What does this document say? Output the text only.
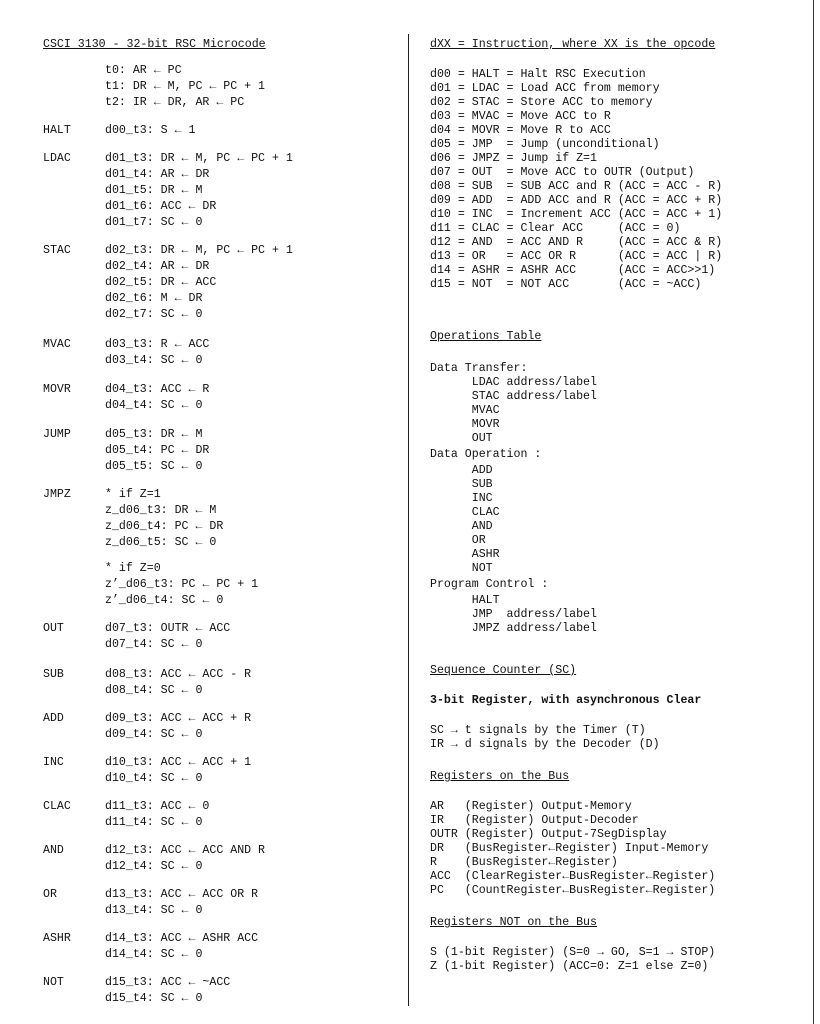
CSCI 3130 - 32-bit RSC Microcode
t0: AR ← PC
t1: DR ← M, PC ← PC + 1
t2: IR ← DR, AR ← PC
HALT	d00_t3: S ← 1
LDAC	d01_t3: DR ← M, PC ← PC + 1
d01_t4: AR ← DR
d01_t5: DR ← M
d01_t6: ACC ← DR
d01_t7: SC ← 0
STAC	d02_t3: DR ← M, PC ← PC + 1
d02_t4: AR ← DR
d02_t5: DR ← ACC
d02_t6: M ← DR
d02_t7: SC ← 0
MVAC	d03_t3: R ← ACC
d03_t4: SC ← 0
MOVR	d04_t3: ACC ← R
d04_t4: SC ← 0
JUMP	d05_t3: DR ← M
d05_t4: PC ← DR
d05_t5: SC ← 0
JMPZ	* if Z=1
z_d06_t3: DR ← M
z_d06_t4: PC ← DR
z_d06_t5: SC ← 0
* if Z=0
z’_d06_t3: PC ← PC + 1
z’_d06_t4: SC ← 0
OUT	d07_t3: OUTR ← ACC
d07_t4: SC ← 0
SUB	d08_t3: ACC ← ACC - R
d08_t4: SC ← 0
ADD	d09_t3: ACC ← ACC + R
d09_t4: SC ← 0
INC	d10_t3: ACC ← ACC + 1
d10_t4: SC ← 0
CLAC	d11_t3: ACC ← 0
d11_t4: SC ← 0
AND	d12_t3: ACC ← ACC AND R
d12_t4: SC ← 0
OR	d13_t3: ACC ← ACC OR R
d13_t4: SC ← 0
ASHR	d14_t3: ACC ← ASHR ACC
d14_t4: SC ← 0
NOT	d15_t3: ACC ← ~ACC
d15_t4: SC ← 0
dXX = Instruction, where XX is the opcode
d00 = HALT = Halt RSC Execution
d01 = LDAC = Load ACC from memory
d02 = STAC = Store ACC to memory
d03 = MVAC = Move ACC to R
d04 = MOVR = Move R to ACC
d05 = JMP  = Jump (unconditional)
d06 = JMPZ = Jump if Z=1
d07 = OUT  = Move ACC to OUTR (Output)
d08 = SUB  = SUB ACC and R (ACC = ACC - R)
d09 = ADD  = ADD ACC and R (ACC = ACC + R)
d10 = INC  = Increment ACC (ACC = ACC + 1)
d11 = CLAC = Clear ACC     (ACC = 0)
d12 = AND  = ACC AND R     (ACC = ACC & R)
d13 = OR   = ACC OR R      (ACC = ACC | R)
d14 = ASHR = ASHR ACC      (ACC = ACC>>1)
d15 = NOT  = NOT ACC       (ACC = ~ACC)
Operations Table
Data Transfer:
LDAC address/label
STAC address/label
MVAC
MOVR
OUT
Data Operation :
ADD
SUB
INC
CLAC
AND
OR
ASHR
NOT
Program Control :
HALT
JMP  address/label
JMPZ address/label
Sequence Counter (SC)
3-bit Register, with asynchronous Clear
SC → t signals by the Timer (T)
IR → d signals by the Decoder (D)
Registers on the Bus
AR   (Register) Output-Memory
IR   (Register) Output-Decoder
OUTR (Register) Output-7SegDisplay
DR   (BusRegister←Register) Input-Memory
R    (BusRegister←Register)
ACC  (ClearRegister←BusRegister←Register)
PC   (CountRegister←BusRegister←Register)
Registers NOT on the Bus
S (1-bit Register) (S=0 → GO, S=1 → STOP)
Z (1-bit Register) (ACC=0: Z=1 else Z=0)
